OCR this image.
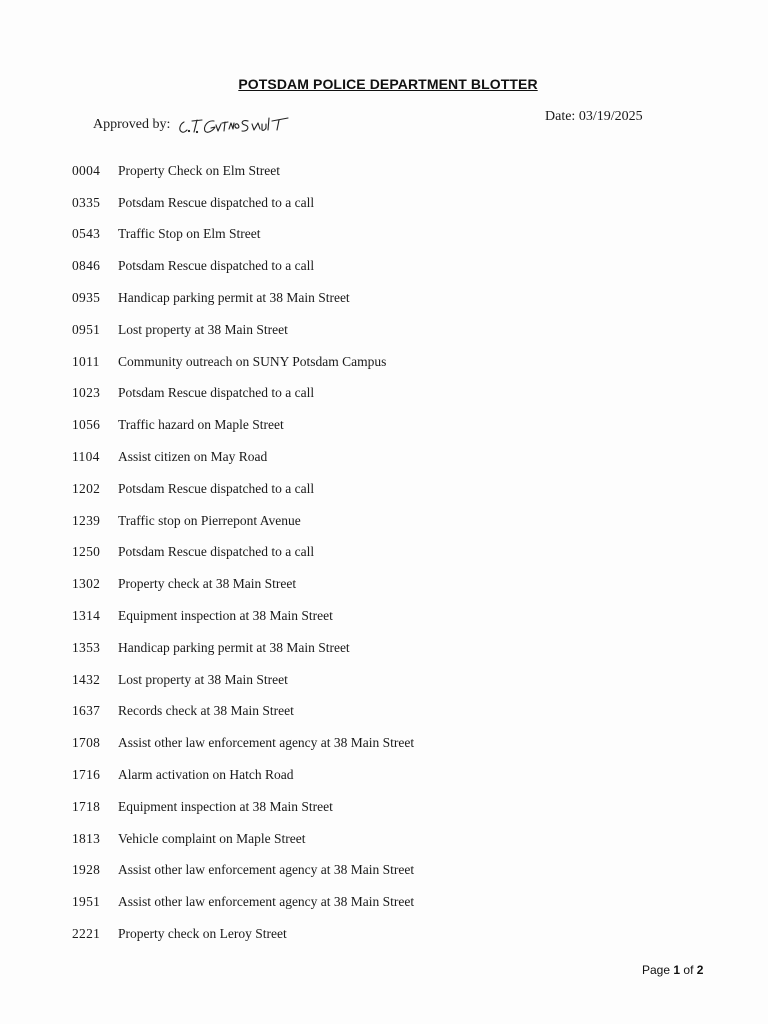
POTSDAM POLICE DEPARTMENT BLOTTER
Approved by:
Date: 03/19/2025
0004	Property Check on Elm Street
0335	Potsdam Rescue dispatched to a call
0543	Traffic Stop on Elm Street
0846	Potsdam Rescue dispatched to a call
0935	Handicap parking permit at 38 Main Street
0951	Lost property at 38 Main Street
1011	Community outreach on SUNY Potsdam Campus
1023	Potsdam Rescue dispatched to a call
1056	Traffic hazard on Maple Street
1104	Assist citizen on May Road
1202	Potsdam Rescue dispatched to a call
1239	Traffic stop on Pierrepont Avenue
1250	Potsdam Rescue dispatched to a call
1302	Property check at 38 Main Street
1314	Equipment inspection at 38 Main Street
1353	Handicap parking permit at 38 Main Street
1432	Lost property at 38 Main Street
1637	Records check at 38 Main Street
1708	Assist other law enforcement agency at 38 Main Street
1716	Alarm activation on Hatch Road
1718	Equipment inspection at 38 Main Street
1813	Vehicle complaint on Maple Street
1928	Assist other law enforcement agency at 38 Main Street
1951	Assist other law enforcement agency at 38 Main Street
2221	Property check on Leroy Street
Page 1 of 2
